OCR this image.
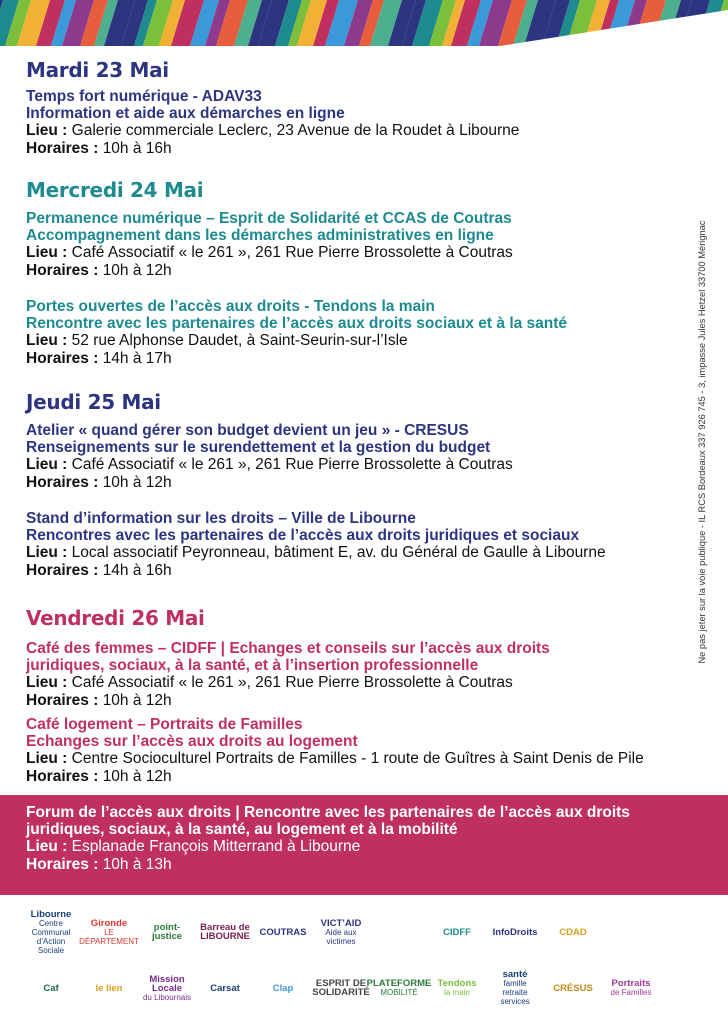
Mardi 23 Mai
Temps fort numérique - ADAV33
Information et aide aux démarches en ligne
Lieu : Galerie commerciale Leclerc, 23 Avenue de la Roudet à Libourne
Horaires : 10h à 16h
Mercredi 24 Mai
Permanence numérique – Esprit de Solidarité et CCAS de Coutras
Accompagnement dans les démarches administratives en ligne
Lieu : Café Associatif « le 261 », 261 Rue Pierre Brossolette à Coutras
Horaires : 10h à 12h
Portes ouvertes de l’accès aux droits - Tendons la main
Rencontre avec les partenaires de l’accès aux droits sociaux et à la santé
Lieu : 52 rue Alphonse Daudet, à Saint-Seurin-sur-l’Isle
Horaires : 14h à 17h
Jeudi 25 Mai
Atelier « quand gérer son budget devient un jeu » - CRESUS
Renseignements sur le surendettement et la gestion du budget
Lieu : Café Associatif « le 261 », 261 Rue Pierre Brossolette à Coutras
Horaires : 10h à 12h
Stand d’information sur les droits – Ville de Libourne
Rencontres avec les partenaires de l’accès aux droits juridiques et sociaux
Lieu : Local associatif Peyronneau, bâtiment E, av. du Général de Gaulle à Libourne
Horaires : 14h à 16h
Vendredi 26 Mai
Café des femmes – CIDFF | Echanges et conseils sur l’accès aux droits
juridiques, sociaux, à la santé, et à l’insertion professionnelle
Lieu : Café Associatif « le 261 », 261 Rue Pierre Brossolette à Coutras
Horaires : 10h à 12h
Café logement – Portraits de Familles
Echanges sur l’accès aux droits au logement
Lieu : Centre Socioculturel Portraits de Familles - 1 route de Guîtres à Saint Denis de Pile
Horaires : 10h à 12h
Ne pas jeter sur la voie publique - IL RCS Bordeaux 337 926 745 - 3, impasse Jules Hetzel 33700 Mérignac
Forum de l’accès aux droits | Rencontre avec les partenaires de l’accès aux droits
juridiques, sociaux, à la santé, au logement et à la mobilité
Lieu : Esplanade François Mitterrand à Libourne
Horaires : 10h à 13h
Libourne
Centre Communal
d’Action Sociale
Gironde
LE DÉPARTEMENT
point-justice
Barreau de LIBOURNE COUTRAS
VICT’AID
Aide aux victimes
CIDFF InfoDroits CDAD
Caf	le lien
Mission Locale
du Libournais
Carsat	Clap	ESPRIT DE SOLIDARITÉ
PLATEFORME
MOBILITÉ
Tendons
la main
santé
famille
retraite
services
CRÉSUS Portraits
de Familles
